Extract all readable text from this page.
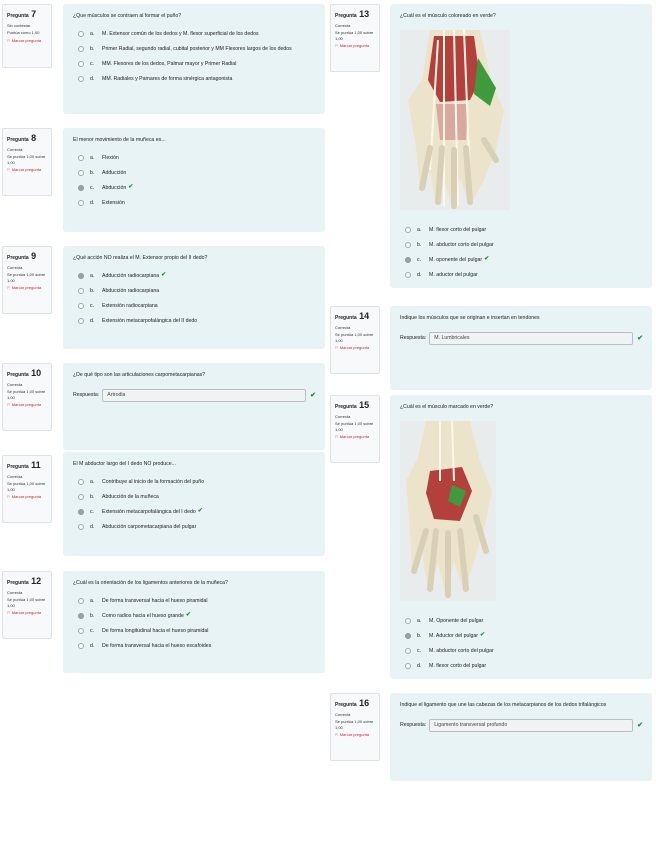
Pregunta 7
Sin contestar
Puntúa como 1,00
⚐ Marcar pregunta
¿Que músculos se contraen al formar el puño?
a.	M. Extensor común de los dedos y M. flexor superficial de los dedos
b.	Primer Radial, segundo radial, cubital posterior y MM Flexores largos de los dedos
c.	MM. Flexores de los dedos, Palmar mayor y Primer Radial
d.	MM. Radiales y Pamares de forma sinérgica antagonista
Pregunta 8
Correcta
Se puntúa 1,00 sobre 1,00
⚐ Marcar pregunta
El menor movimiento de la muñeca es...
a.	Flexión
b.	Adducción
c.	Abducción ✔
d.	Extensión
Pregunta 9
Correcta
Se puntúa 1,00 sobre 1,00
⚐ Marcar pregunta
¿Qué acción NO realiza el M. Extensor propio del II dedo?
a.	Adducción radiocarpiana ✔
b.	Abducción radiocarpiana
c.	Extensión radiocarpiana
d.	Extensión metacarpofalángica del II dedo
Pregunta 10
Correcta
Se puntúa 1,00 sobre 1,00
⚐ Marcar pregunta
¿De qué tipo son las articulaciones carpometacarpianas?
Respuesta:	Artrodia	✔
Pregunta 11
Correcta
Se puntúa 1,00 sobre 1,00
⚐ Marcar pregunta
El M abductor largo del I dedo NO produce...
a.	Contribuye al inicio de la formación del puño
b.	Abducción de la muñeca
c.	Extensión metacarpofalángica del I dedo ✔
d.	Abducción carpometacarpiana del pulgar
Pregunta 12
Correcta
Se puntúa 1,00 sobre 1,00
⚐ Marcar pregunta
¿Cuál es la orientación de los ligamentos anteriores de la muñeca?
a.	De forma transversal hacia el hueso piramidal
b.	Como radios hacia el hueso grande ✔
c.	De forma longitudinal hacia el hueso piramidal
d.	De forma transversal hacia el hueso escafoides
Pregunta 13
Correcta
Se puntúa 1,00 sobre 1,00
⚐ Marcar pregunta
¿Cuál es el músculo coloreado en verde?
a.	M. flexor corto del pulgar
b.	M. abductor corto del pulgar
c.	M. oponente del pulgar ✔
d.	M. aductor del pulgar
Pregunta 14
Correcta
Se puntúa 1,00 sobre 1,00
⚐ Marcar pregunta
Indique los músculos que se originan e insertan en tendones
Respuesta:	M. Lumbricales	✔
Pregunta 15
Correcta
Se puntúa 1,00 sobre 1,00
⚐ Marcar pregunta
¿Cuál es el músculo marcado en verde?
a.	M. Oponente del pulgar
b.	M. Aductor del pulgar ✔
c.	M. abductor corto del pulgar
d.	M. flexor corto del pulgar
Pregunta 16
Correcta
Se puntúa 1,00 sobre 1,00
⚐ Marcar pregunta
Indique el ligamento que une las cabezas de los metacarpianos de los dedos trifalángicos
Respuesta:	Ligamento transversal profundo	✔
